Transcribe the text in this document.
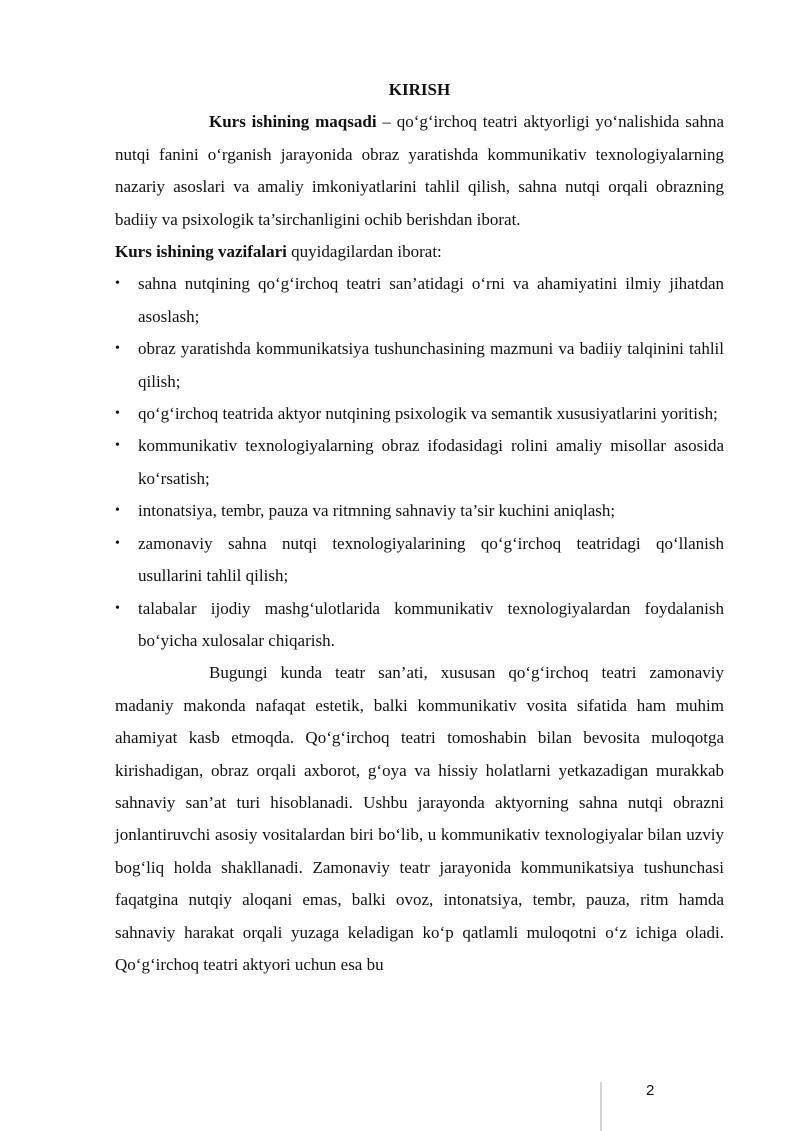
KIRISH

Kurs ishining maqsadi – qo‘g‘irchoq teatri aktyorligi yo‘nalishida sahna nutqi fanini o‘rganish jarayonida obraz yaratishda kommunikativ texnologiyalarning nazariy asoslari va amaliy imkoniyatlarini tahlil qilish, sahna nutqi orqali obrazning badiiy va psixologik ta’sirchanligini ochib berishdan iborat.

Kurs ishining vazifalari quyidagilardan iborat:

• sahna nutqining qo‘g‘irchoq teatri san’atidagi o‘rni va ahamiyatini ilmiy jihatdan asoslash;
• obraz yaratishda kommunikatsiya tushunchasining mazmuni va badiiy talqinini tahlil qilish;
• qo‘g‘irchoq teatrida aktyor nutqining psixologik va semantik xususiyatlarini yoritish;
• kommunikativ texnologiyalarning obraz ifodasidagi rolini amaliy misollar asosida ko‘rsatish;
• intonatsiya, tembr, pauza va ritmning sahnaviy ta’sir kuchini aniqlash;
• zamonaviy sahna nutqi texnologiyalarining qo‘g‘irchoq teatridagi qo‘llanish usullarini tahlil qilish;
• talabalar ijodiy mashg‘ulotlarida kommunikativ texnologiyalardan foydalanish bo‘yicha xulosalar chiqarish.

Bugungi kunda teatr san’ati, xususan qo‘g‘irchoq teatri zamonaviy madaniy makonda nafaqat estetik, balki kommunikativ vosita sifatida ham muhim ahamiyat kasb etmoqda. Qo‘g‘irchoq teatri tomoshabin bilan bevosita muloqotga kirishadigan, obraz orqali axborot, g‘oya va hissiy holatlarni yetkazadigan murakkab sahnaviy san’at turi hisoblanadi. Ushbu jarayonda aktyorning sahna nutqi obrazni jonlantiruvchi asosiy vositalardan biri bo‘lib, u kommunikativ texnologiyalar bilan uzviy bog‘liq holda shakllanadi. Zamonaviy teatr jarayonida kommunikatsiya tushunchasi faqatgina nutqiy aloqani emas, balki ovoz, intonatsiya, tembr, pauza, ritm hamda sahnaviy harakat orqali yuzaga keladigan ko‘p qatlamli muloqotni o‘z ichiga oladi. Qo‘g‘irchoq teatri aktyori uchun esa bu

2
